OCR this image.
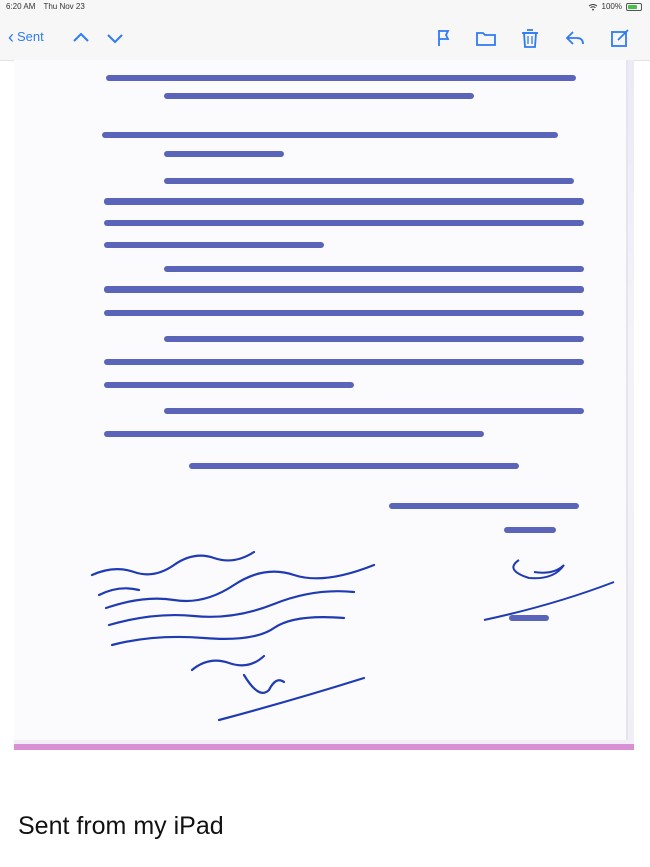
6:20 AM Thu Nov 23	100%
‹ Sent
Sent from my iPad
